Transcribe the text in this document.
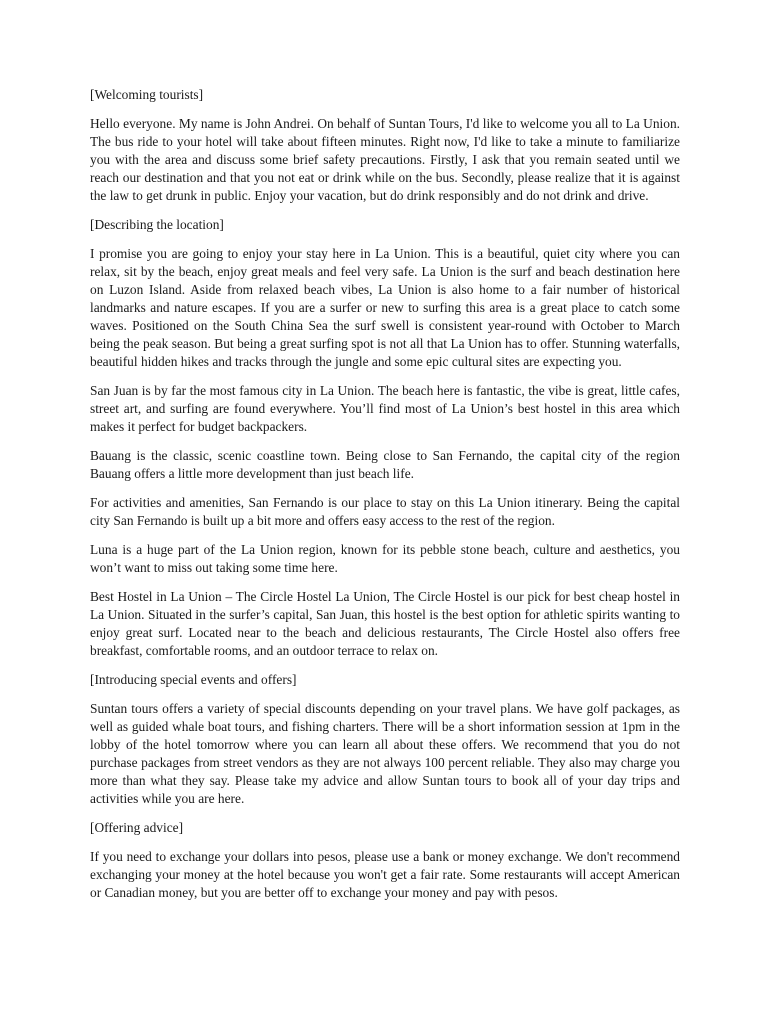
[Welcoming tourists]

Hello everyone. My name is John Andrei. On behalf of Suntan Tours, I'd like to welcome you all to La Union. The bus ride to your hotel will take about fifteen minutes. Right now, I'd like to take a minute to familiarize you with the area and discuss some brief safety precautions. Firstly, I ask that you remain seated until we reach our destination and that you not eat or drink while on the bus. Secondly, please realize that it is against the law to get drunk in public. Enjoy your vacation, but do drink responsibly and do not drink and drive.

[Describing the location]

I promise you are going to enjoy your stay here in La Union. This is a beautiful, quiet city where you can relax, sit by the beach, enjoy great meals and feel very safe. La Union is the surf and beach destination here on Luzon Island. Aside from relaxed beach vibes, La Union is also home to a fair number of historical landmarks and nature escapes. If you are a surfer or new to surfing this area is a great place to catch some waves. Positioned on the South China Sea the surf swell is consistent year-round with October to March being the peak season. But being a great surfing spot is not all that La Union has to offer. Stunning waterfalls, beautiful hidden hikes and tracks through the jungle and some epic cultural sites are expecting you.

San Juan is by far the most famous city in La Union. The beach here is fantastic, the vibe is great, little cafes, street art, and surfing are found everywhere. You’ll find most of La Union’s best hostel in this area which makes it perfect for budget backpackers.

Bauang is the classic, scenic coastline town. Being close to San Fernando, the capital city of the region Bauang offers a little more development than just beach life.

For activities and amenities, San Fernando is our place to stay on this La Union itinerary. Being the capital city San Fernando is built up a bit more and offers easy access to the rest of the region.

Luna is a huge part of the La Union region, known for its pebble stone beach, culture and aesthetics, you won’t want to miss out taking some time here.

Best Hostel in La Union – The Circle Hostel La Union, The Circle Hostel is our pick for best cheap hostel in La Union. Situated in the surfer’s capital, San Juan, this hostel is the best option for athletic spirits wanting to enjoy great surf. Located near to the beach and delicious restaurants, The Circle Hostel also offers free breakfast, comfortable rooms, and an outdoor terrace to relax on.

[Introducing special events and offers]

Suntan tours offers a variety of special discounts depending on your travel plans. We have golf packages, as well as guided whale boat tours, and fishing charters. There will be a short information session at 1pm in the lobby of the hotel tomorrow where you can learn all about these offers. We recommend that you do not purchase packages from street vendors as they are not always 100 percent reliable. They also may charge you more than what they say. Please take my advice and allow Suntan tours to book all of your day trips and activities while you are here.

[Offering advice]

If you need to exchange your dollars into pesos, please use a bank or money exchange. We don't recommend exchanging your money at the hotel because you won't get a fair rate. Some restaurants will accept American or Canadian money, but you are better off to exchange your money and pay with pesos.
